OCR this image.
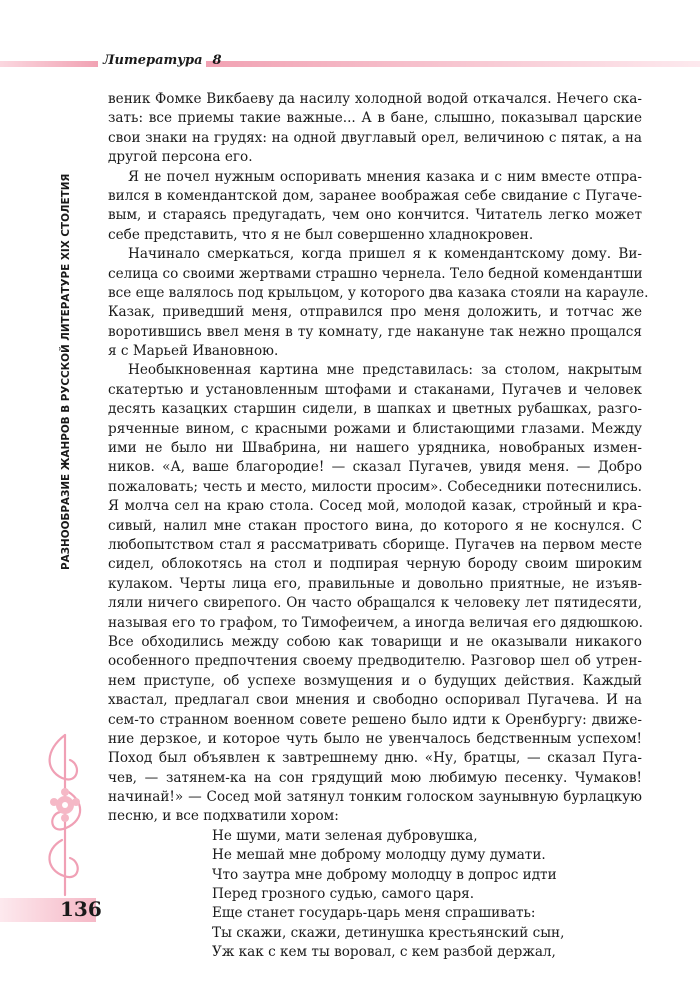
Литература 8
РАЗНООБРАЗИЕ ЖАНРОВ В РУССКОЙ ЛИТЕРАТУРЕ XIX СТОЛЕТИЯ
136
веник Фомке Викбаеву да насилу холодной водой откачался. Нечего ска-
зать: все приемы такие важные... А в бане, слышно, показывал царские
свои знаки на грудях: на одной двуглавый орел, величиною с пятак, а на
другой персона его.
Я не почел нужным оспоривать мнения казака и с ним вместе отпра-
вился в комендантской дом, заранее воображая себе свидание с Пугаче-
вым, и стараясь предугадать, чем оно кончится. Читатель легко может
себе представить, что я не был совершенно хладнокровен.
Начинало смеркаться, когда пришел я к комендантскому дому. Ви-
селица со своими жертвами страшно чернела. Тело бедной комендантши
все еще валялось под крыльцом, у которого два казака стояли на карауле.
Казак, приведший меня, отправился про меня доложить, и тотчас же
воротившись ввел меня в ту комнату, где накануне так нежно прощался
я с Марьей Ивановною.
Необыкновенная картина мне представилась: за столом, накрытым
скатертью и установленным штофами и стаканами, Пугачев и человек
десять казацких старшин сидели, в шапках и цветных рубашках, разго-
ряченные вином, с красными рожами и блистающими глазами. Между
ими не было ни Швабрина, ни нашего урядника, новобраных измен-
ников. «А, ваше благородие! — сказал Пугачев, увидя меня. — Добро
пожаловать; честь и место, милости просим». Собеседники потеснились.
Я молча сел на краю стола. Сосед мой, молодой казак, стройный и кра-
сивый, налил мне стакан простого вина, до которого я не коснулся. С
любопытством стал я рассматривать сборище. Пугачев на первом месте
сидел, облокотясь на стол и подпирая черную бороду своим широким
кулаком. Черты лица его, правильные и довольно приятные, не изъяв-
ляли ничего свирепого. Он часто обращался к человеку лет пятидесяти,
называя его то графом, то Тимофеичем, а иногда величая его дядюшкою.
Все обходились между собою как товарищи и не оказывали никакого
особенного предпочтения своему предводителю. Разговор шел об утрен-
нем приступе, об успехе возмущения и о будущих действия. Каждый
хвастал, предлагал свои мнения и свободно оспоривал Пугачева. И на
сем-то странном военном совете решено было идти к Оренбургу: движе-
ние дерзкое, и которое чуть было не увенчалось бедственным успехом!
Поход был объявлен к завтрешнему дню. «Ну, братцы, — сказал Пуга-
чев, — затянем-ка на сон грядущий мою любимую песенку. Чумаков!
начинай!» — Сосед мой затянул тонким голоском заунывную бурлацкую
песню, и все подхватили хором:
Не шуми, мати зеленая дубровушка,
Не мешай мне доброму молодцу думу думати.
Что заутра мне доброму молодцу в допрос идти
Перед грозного судью, самого царя.
Еще станет государь-царь меня спрашивать:
Ты скажи, скажи, детинушка крестьянский сын,
Уж как с кем ты воровал, с кем разбой держал,
